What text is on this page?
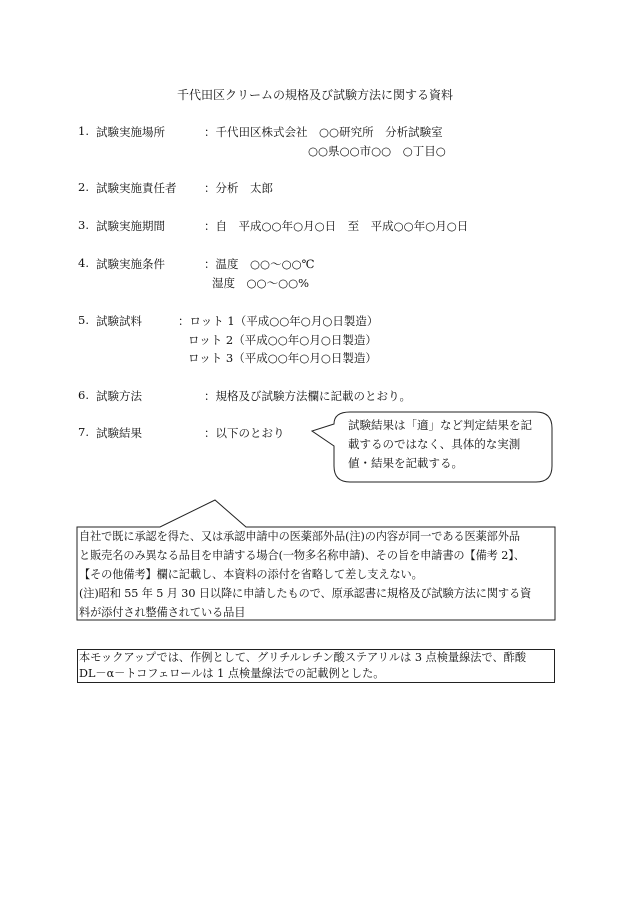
千代田区クリームの規格及び試験方法に関する資料
1. 試験実施場所	：千代田区株式会社　○○研究所　分析試験室
○○県○○市○○　○丁目○
2. 試験実施責任者 ：分析　太郎
3. 試験実施期間	：自　平成○○年○月○日　至　平成○○年○月○日
4. 試験実施条件	：温度　○○～○○℃
湿度　○○～○○%
5. 試験試料	：ロット 1（平成○○年○月○日製造）
ロット 2（平成○○年○月○日製造）
ロット 3（平成○○年○月○日製造）
6. 試験方法	：規格及び試験方法欄に記載のとおり。
7. 試験結果	：以下のとおり
試験結果は「適」など判定結果を記
載するのではなく、具体的な実測
値・結果を記載する。
自社で既に承認を得た、又は承認申請中の医薬部外品(注)の内容が同一である医薬部外品
と販売名のみ異なる品目を申請する場合(一物多名称申請)、その旨を申請書の【備考 2】、
【その他備考】欄に記載し、本資料の添付を省略して差し支えない。
(注)昭和 55 年 5 月 30 日以降に申請したもので、原承認書に規格及び試験方法に関する資
料が添付され整備されている品目
本モックアップでは、作例として、グリチルレチン酸ステアリルは 3 点検量線法で、酢酸
DL－α－トコフェロールは 1 点検量線法での記載例とした。
